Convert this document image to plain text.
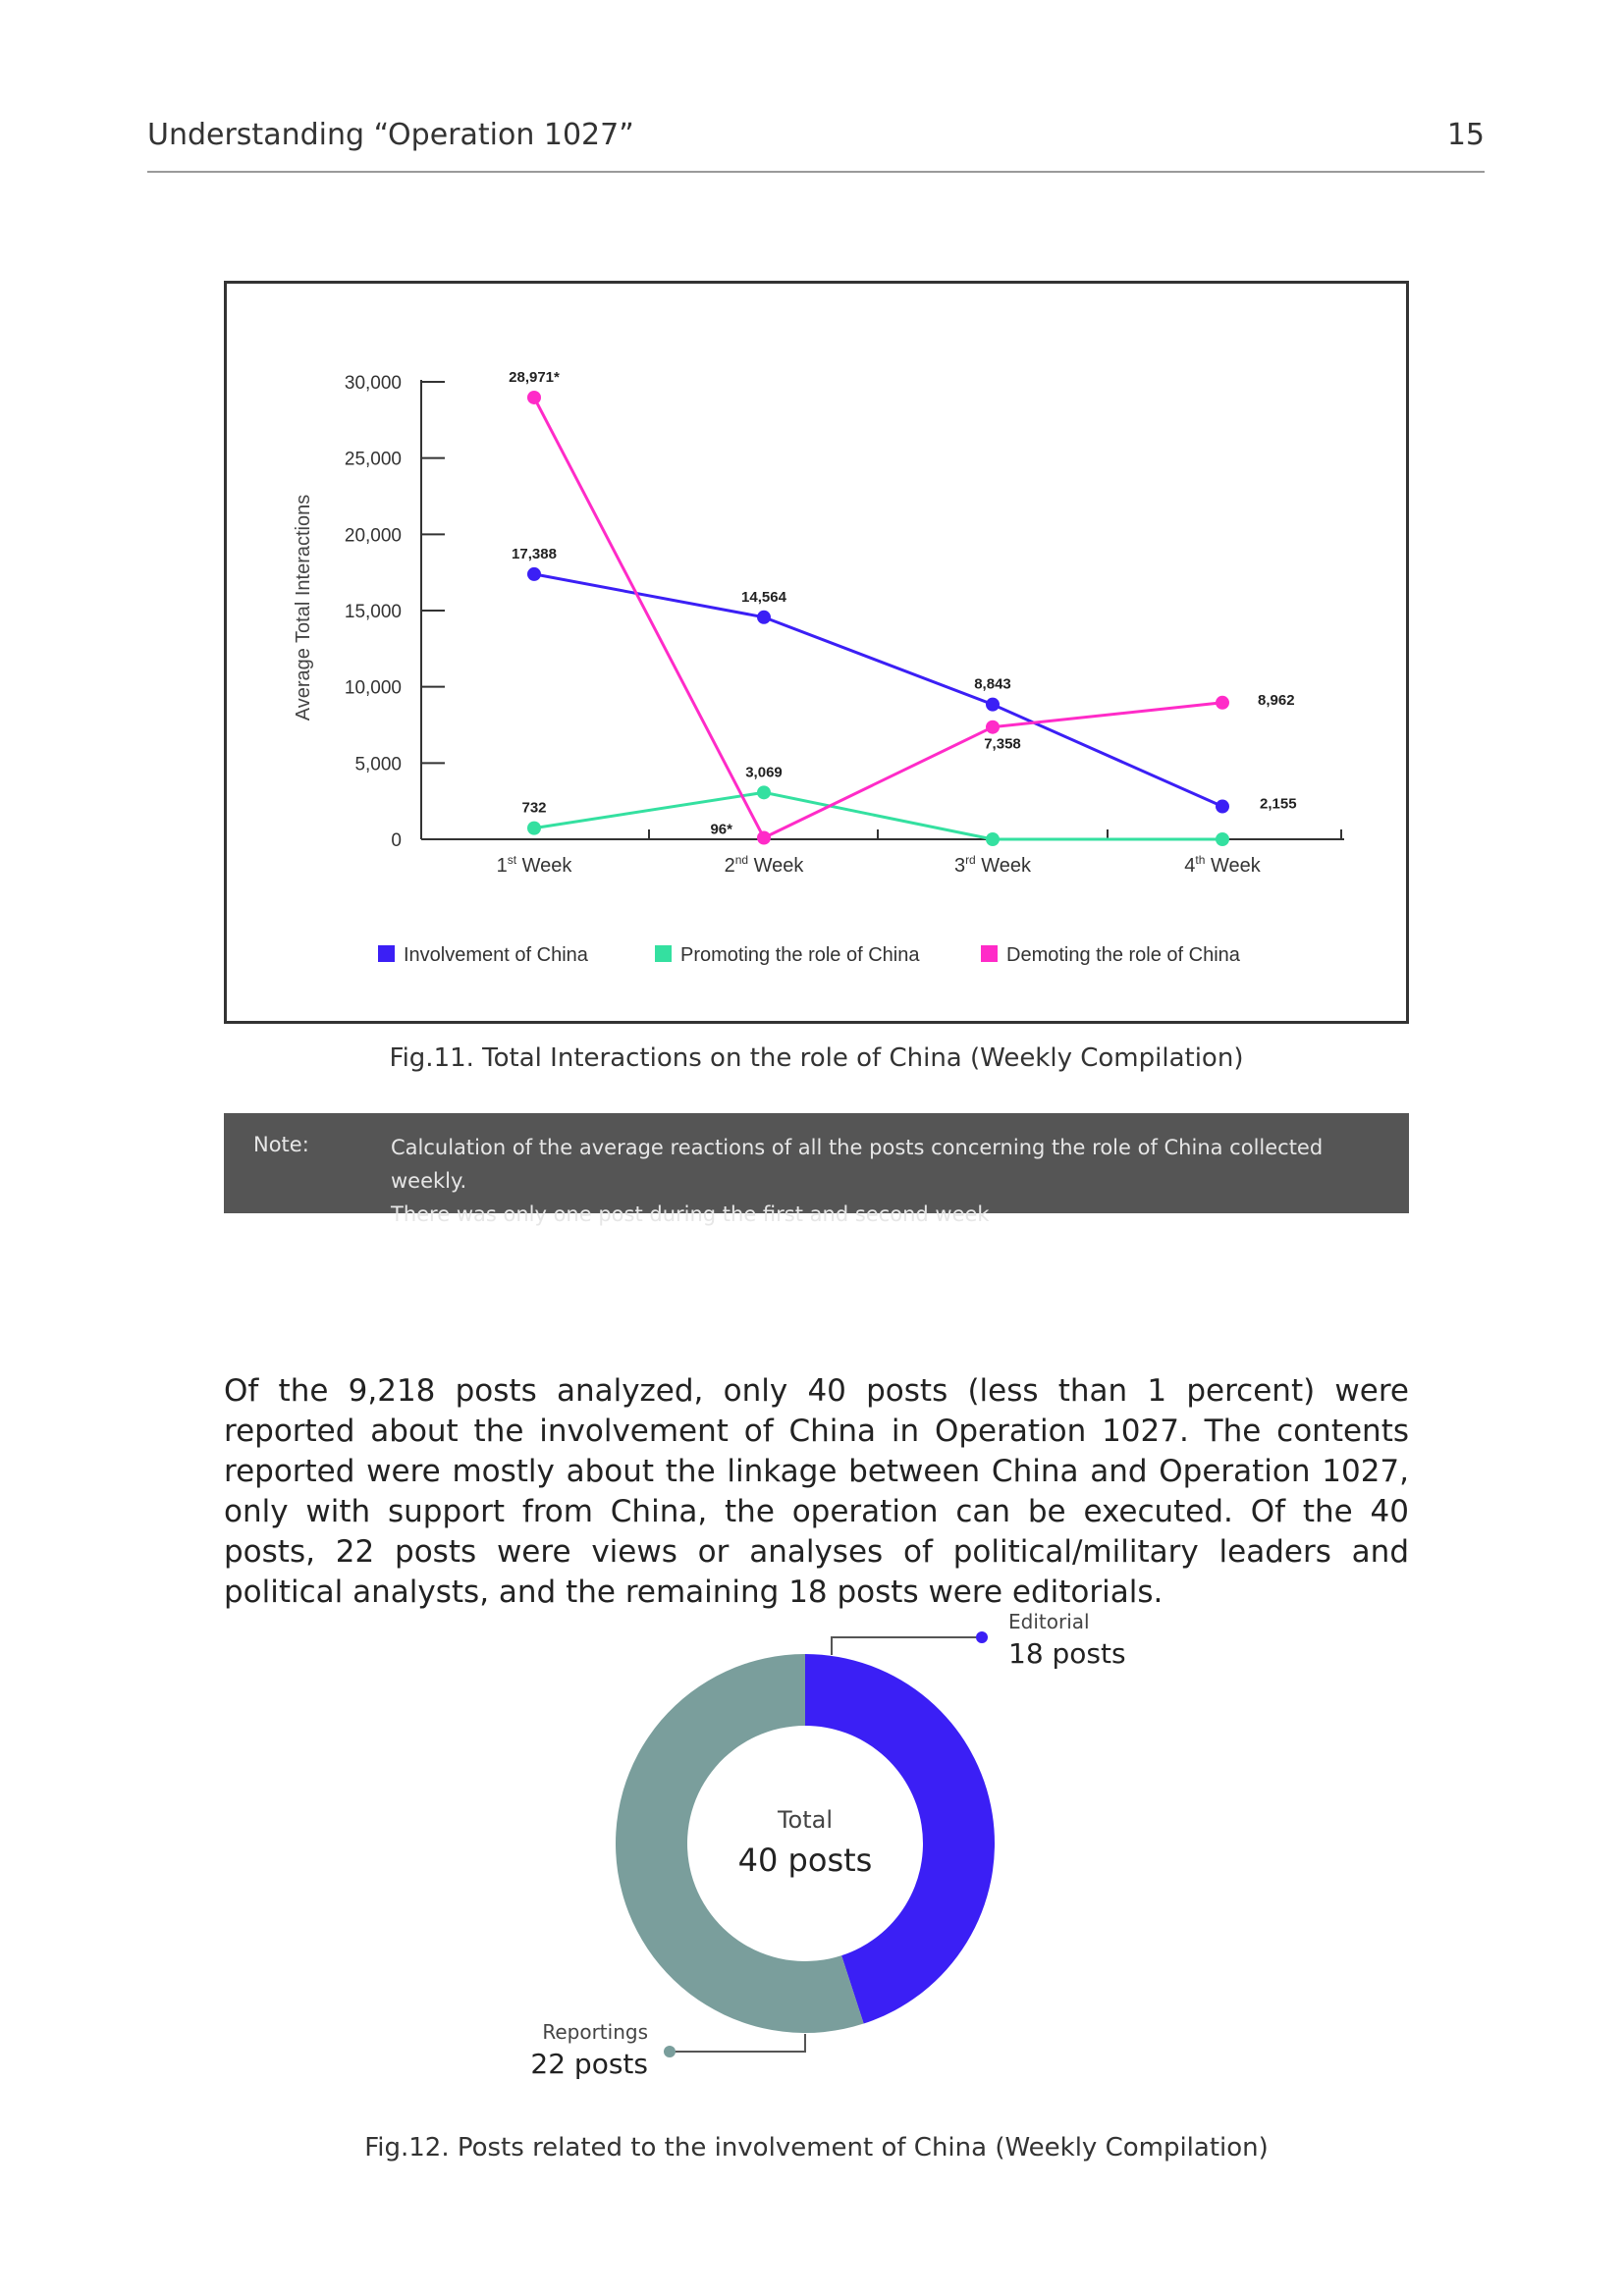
Understanding “Operation 1027”	15
0
5,000
10,000
15,000
20,000
25,000
30,000
1st Week	2nd Week	3rd Week	4th Week
Average Total Interactions	17,388
14,564
8,843
2,155
732
3,069
28,971*
96*
7,358
8,962
Involvement of China	Promoting the role of China	Demoting the role of China
Fig.11. Total Interactions on the role of China (Weekly Compilation)
Note:	Calculation of the average reactions of all the posts concerning the role of China collected weekly.
There was only one post during the first and second week
Of the 9,218 posts analyzed, only 40 posts (less than 1 percent) were reported about the involvement of China in Operation 1027. The contents reported were mostly about the linkage between China and Operation 1027, only with support from China, the operation can be executed. Of the 40 posts, 22 posts were views or analyses of political/military leaders and political analysts, and the remaining 18 posts were editorials.
Editorial
18 posts
Reportings
22 posts
Total
40 posts
Fig.12. Posts related to the involvement of China (Weekly Compilation)
